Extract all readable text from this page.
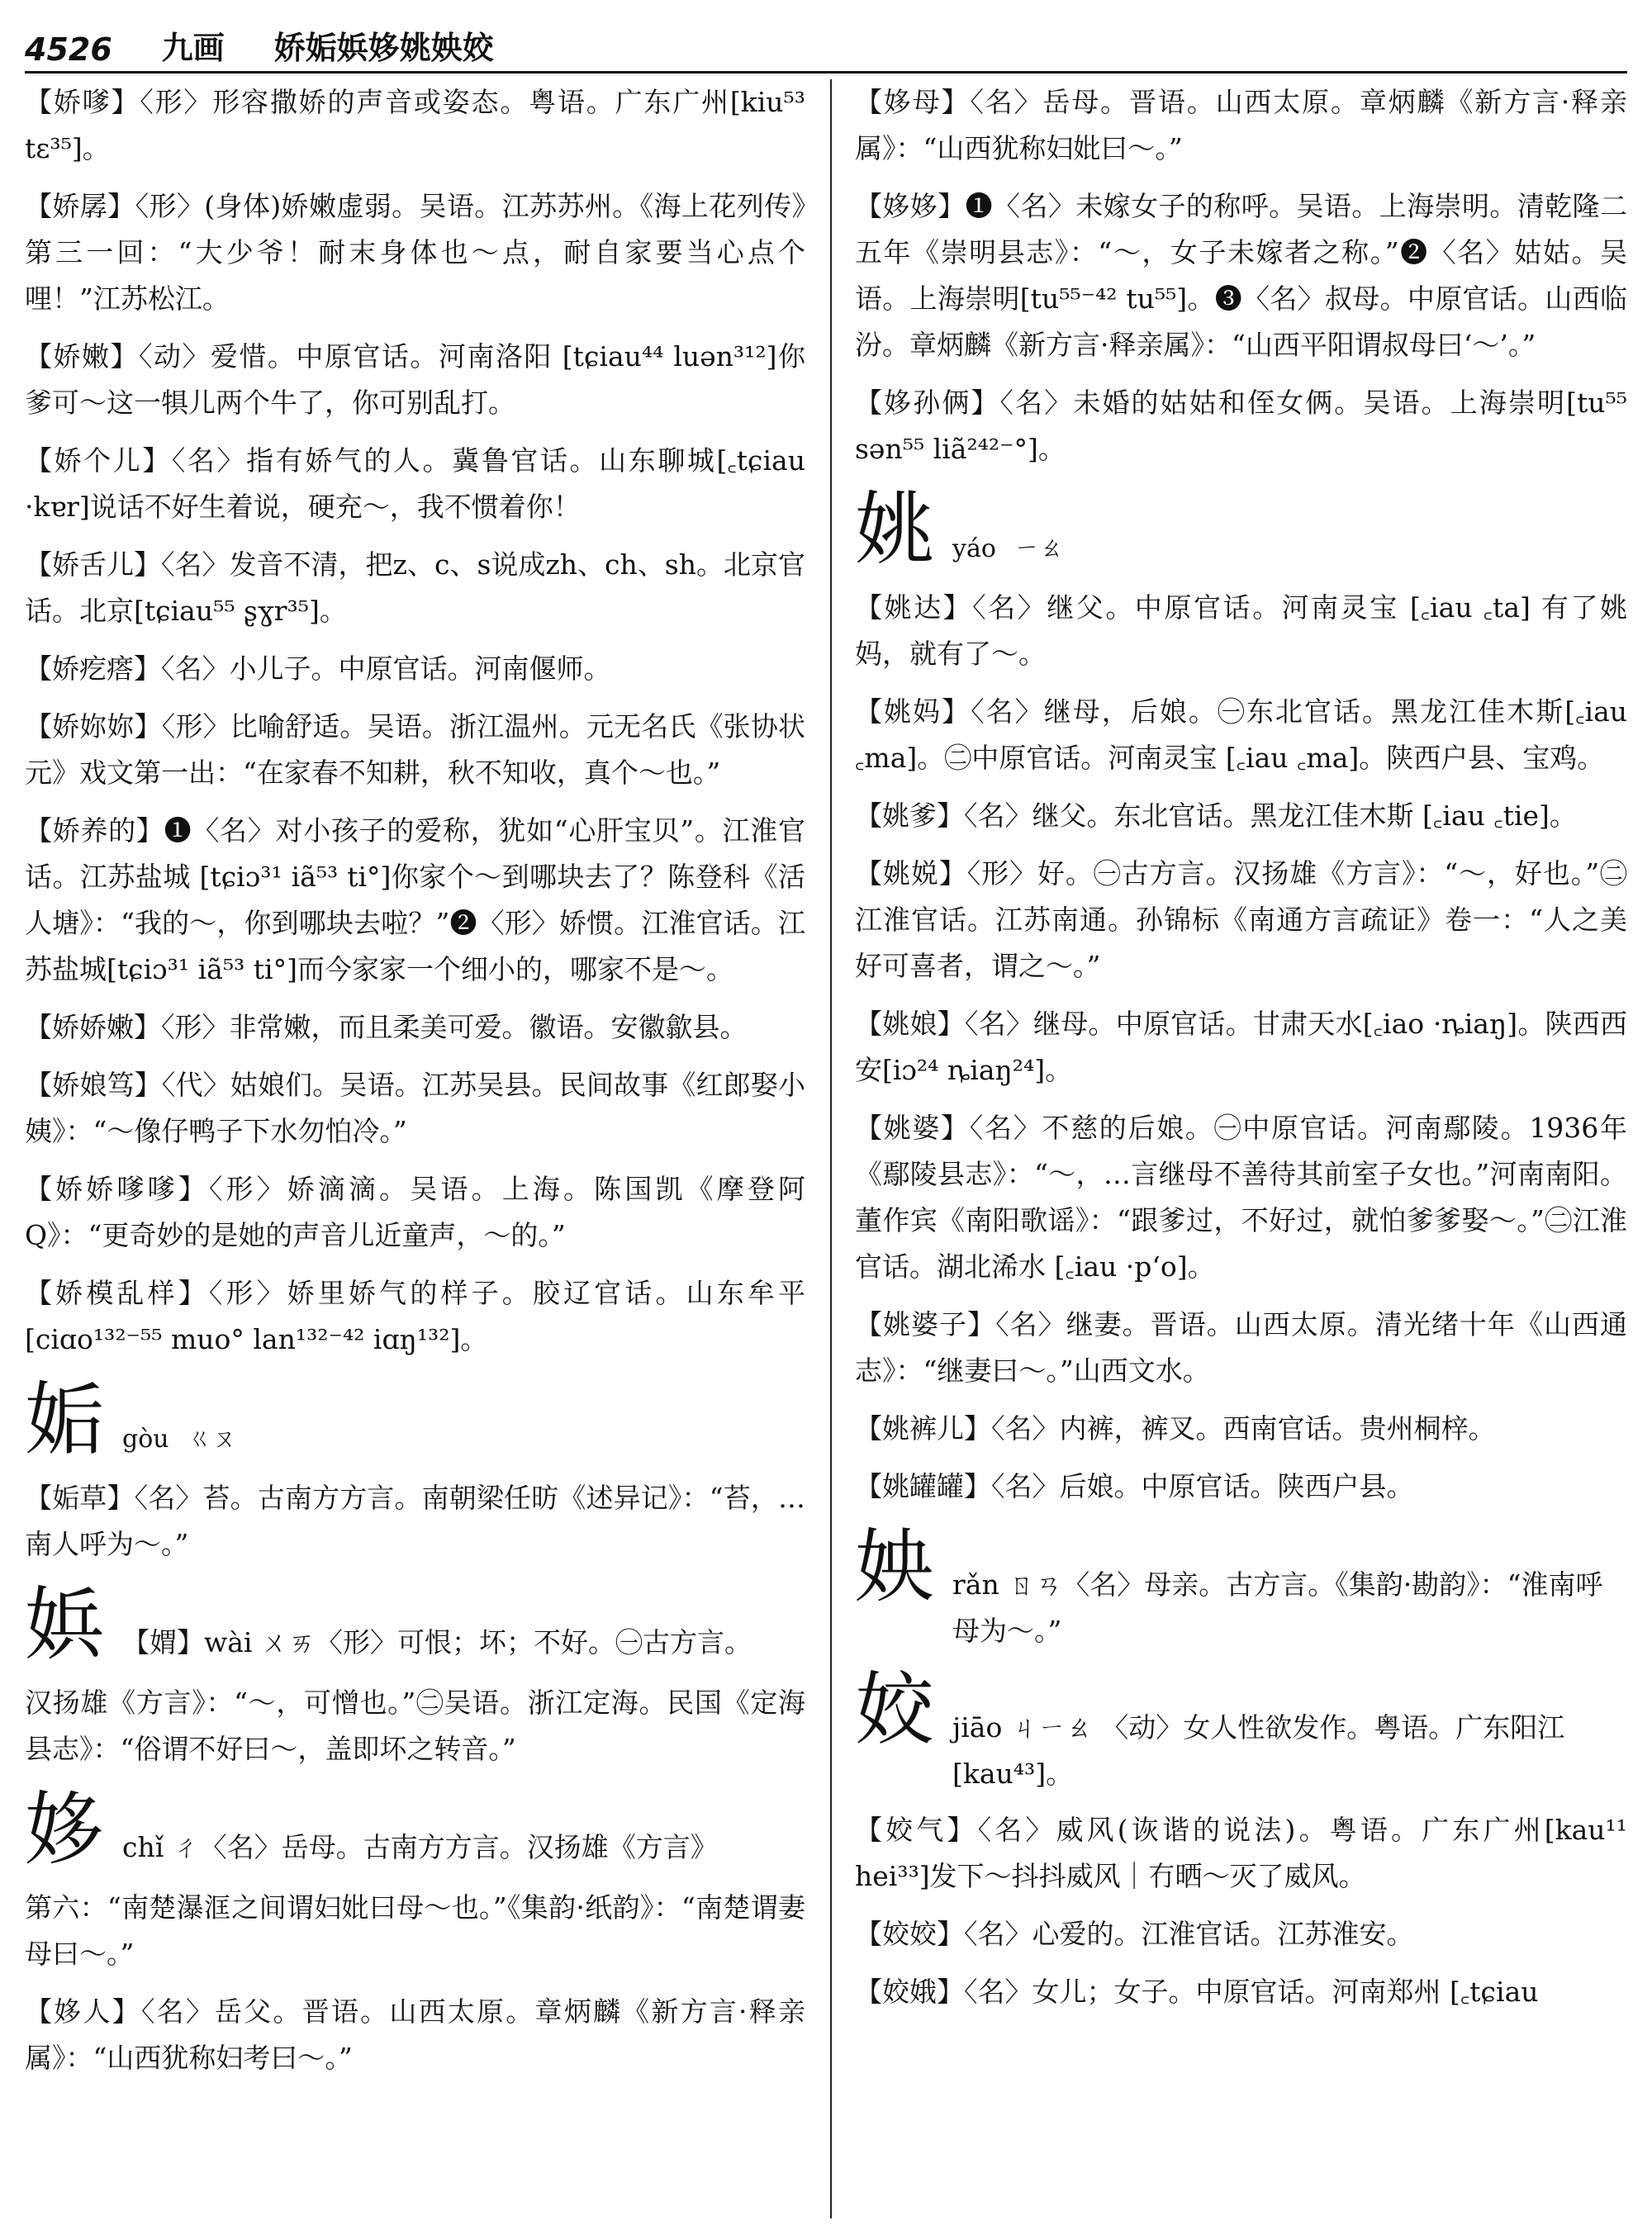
4526 九画 娇姤娦姼姚姎姣

【娇嗲】〈形〉形容撒娇的声音或姿态。粤语。广东广州[kiu⁵³ tɛ³⁵]。

【娇孱】〈形〉(身体)娇嫩虚弱。吴语。江苏苏州。《海上花列传》第三一回：“大少爷！耐末身体也～点，耐自家要当心点个哩！”江苏松江。

【娇嫩】〈动〉爱惜。中原官话。河南洛阳 [tɕiau⁴⁴ luən³¹²]你爹可～这一犋儿两个牛了，你可别乱打。

【娇个儿】〈名〉指有娇气的人。冀鲁官话。山东聊城[꜀tɕiau ·kɐr]说话不好生着说，硬充～，我不惯着你！

【娇舌儿】〈名〉发音不清，把z、c、s说成zh、ch、sh。北京官话。北京[tɕiau⁵⁵ ʂɣr³⁵]。

【娇疙瘩】〈名〉小儿子。中原官话。河南偃师。

【娇妳妳】〈形〉比喻舒适。吴语。浙江温州。元无名氏《张协状元》戏文第一出：“在家春不知耕，秋不知收，真个～也。”

【娇养的】❶〈名〉对小孩子的爱称，犹如“心肝宝贝”。江淮官话。江苏盐城 [tɕiɔ³¹ iã⁵³ ti°]你家个～到哪块去了？陈登科《活人塘》：“我的～，你到哪块去啦？”❷〈形〉娇惯。江淮官话。江苏盐城[tɕiɔ³¹ iã⁵³ ti°]而今家家一个细小的，哪家不是～。

【娇娇嫩】〈形〉非常嫩，而且柔美可爱。徽语。安徽歙县。

【娇娘笃】〈代〉姑娘们。吴语。江苏吴县。民间故事《红郎娶小姨》：“～像仔鸭子下水勿怕冷。”

【娇娇嗲嗲】〈形〉娇滴滴。吴语。上海。陈国凯《摩登阿Q》：“更奇妙的是她的声音儿近童声，～的。”

【娇模乱样】〈形〉娇里娇气的样子。胶辽官话。山东牟平[ciɑo¹³²⁻⁵⁵ muo° lan¹³²⁻⁴² iɑŋ¹³²]。

姤 gòu ㄍㄡ

【姤草】〈名〉苔。古南方方言。南朝梁任昉《述异记》：“苔，…南人呼为～。”

娦 【媦】wài ㄨㄞ〈形〉可恨；坏；不好。㊀古方言。

汉扬雄《方言》：“～，可憎也。”㊁吴语。浙江定海。民国《定海县志》：“俗谓不好曰～，盖即坏之转音。”

姼 chǐ ㄔ〈名〉岳母。古南方方言。汉扬雄《方言》

第六：“南楚瀑洭之间谓妇妣曰母～也。”《集韵·纸韵》：“南楚谓妻母曰～。”

【姼人】〈名〉岳父。晋语。山西太原。章炳麟《新方言·释亲属》：“山西犹称妇考曰～。”

【姼母】〈名〉岳母。晋语。山西太原。章炳麟《新方言·释亲属》：“山西犹称妇妣曰～。”

【姼姼】❶〈名〉未嫁女子的称呼。吴语。上海崇明。清乾隆二五年《崇明县志》：“～，女子未嫁者之称。”❷〈名〉姑姑。吴语。上海崇明[tu⁵⁵⁻⁴² tu⁵⁵]。❸〈名〉叔母。中原官话。山西临汾。章炳麟《新方言·释亲属》：“山西平阳谓叔母曰‘～’。”

【姼孙俩】〈名〉未婚的姑姑和侄女俩。吴语。上海崇明[tu⁵⁵ sən⁵⁵ liã²⁴²⁻°]。

姚 yáo ㄧㄠ

【姚达】〈名〉继父。中原官话。河南灵宝 [꜀iau ꜀ta] 有了姚妈，就有了～。

【姚妈】〈名〉继母，后娘。㊀东北官话。黑龙江佳木斯[꜀iau ꜀ma]。㊁中原官话。河南灵宝 [꜀iau ꜀ma]。陕西户县、宝鸡。

【姚爹】〈名〉继父。东北官话。黑龙江佳木斯 [꜀iau ꜀tie]。

【姚娧】〈形〉好。㊀古方言。汉扬雄《方言》：“～，好也。”㊁江淮官话。江苏南通。孙锦标《南通方言疏证》卷一：“人之美好可喜者，谓之～。”

【姚娘】〈名〉继母。中原官话。甘肃天水[꜀iao ·ȵiaŋ]。陕西西安[iɔ²⁴ ȵiaŋ²⁴]。

【姚婆】〈名〉不慈的后娘。㊀中原官话。河南鄢陵。1936年《鄢陵县志》：“～，…言继母不善待其前室子女也。”河南南阳。董作宾《南阳歌谣》：“跟爹过，不好过，就怕爹爹娶～。”㊁江淮官话。湖北浠水 [꜀iau ·p‘o]。

【姚婆子】〈名〉继妻。晋语。山西太原。清光绪十年《山西通志》：“继妻曰～。”山西文水。

【姚裤儿】〈名〉内裤，裤叉。西南官话。贵州桐梓。

【姚罐罐】〈名〉后娘。中原官话。陕西户县。

姎 rǎn ㄖㄢ〈名〉母亲。古方言。《集韵·勘韵》：“淮南呼母为～。”
姣 jiāo ㄐㄧㄠ 〈动〉女人性欲发作。粤语。广东阳江[kau⁴³]。

【姣气】〈名〉威风(诙谐的说法)。粤语。广东广州[kau¹¹ hei³³]发下～抖抖威风｜冇晒～灭了威风。

【姣姣】〈名〉心爱的。江淮官话。江苏淮安。

【姣娥】〈名〉女儿；女子。中原官话。河南郑州 [꜀tɕiau
